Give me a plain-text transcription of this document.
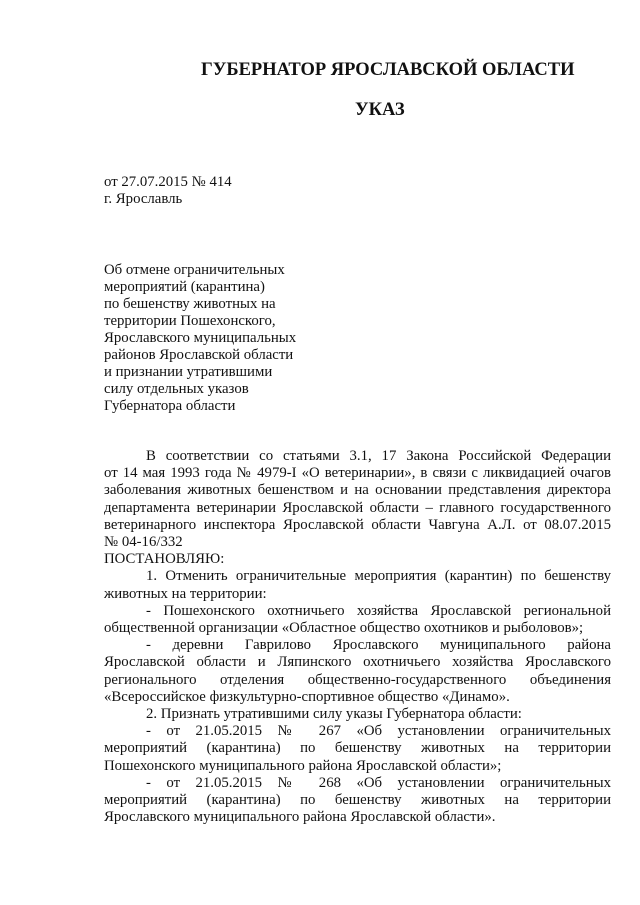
ГУБЕРНАТОР ЯРОСЛАВСКОЙ ОБЛАСТИ
УКАЗ
от 27.07.2015 № 414
г. Ярославль
Об отмене ограничительных
мероприятий (карантина)
по бешенству животных на
территории Пошехонского,
Ярославского муниципальных
районов Ярославской области
и признании утратившими
силу отдельных указов
Губернатора области

В соответствии со статьями 3.1, 17 Закона Российской Федерации

от 14 мая 1993 года № 4979-I «О ветеринарии», в связи с ликвидацией очагов

заболевания животных бешенством и на основании представления директора

департамента ветеринарии Ярославской области – главного государственного

ветеринарного инспектора Ярославской области Чавгуна А.Л. от 08.07.2015

№ 04-16/332

ПОСТАНОВЛЯЮ:

1. Отменить ограничительные мероприятия (карантин) по бешенству

животных на территории:

- Пошехонского охотничьего хозяйства Ярославской региональной

общественной организации «Областное общество охотников и рыболовов»;

- деревни Гаврилово Ярославского муниципального района

Ярославской области и Ляпинского охотничьего хозяйства Ярославского

регионального отделения общественно-государственного объединения

«Всероссийское физкультурно-спортивное общество «Динамо».

2. Признать утратившими силу указы Губернатора области:

- от 21.05.2015 № 267 «Об установлении ограничительных

мероприятий (карантина) по бешенству животных на территории

Пошехонского муниципального района Ярославской области»;

- от 21.05.2015 № 268 «Об установлении ограничительных

мероприятий (карантина) по бешенству животных на территории

Ярославского муниципального района Ярославской области».
